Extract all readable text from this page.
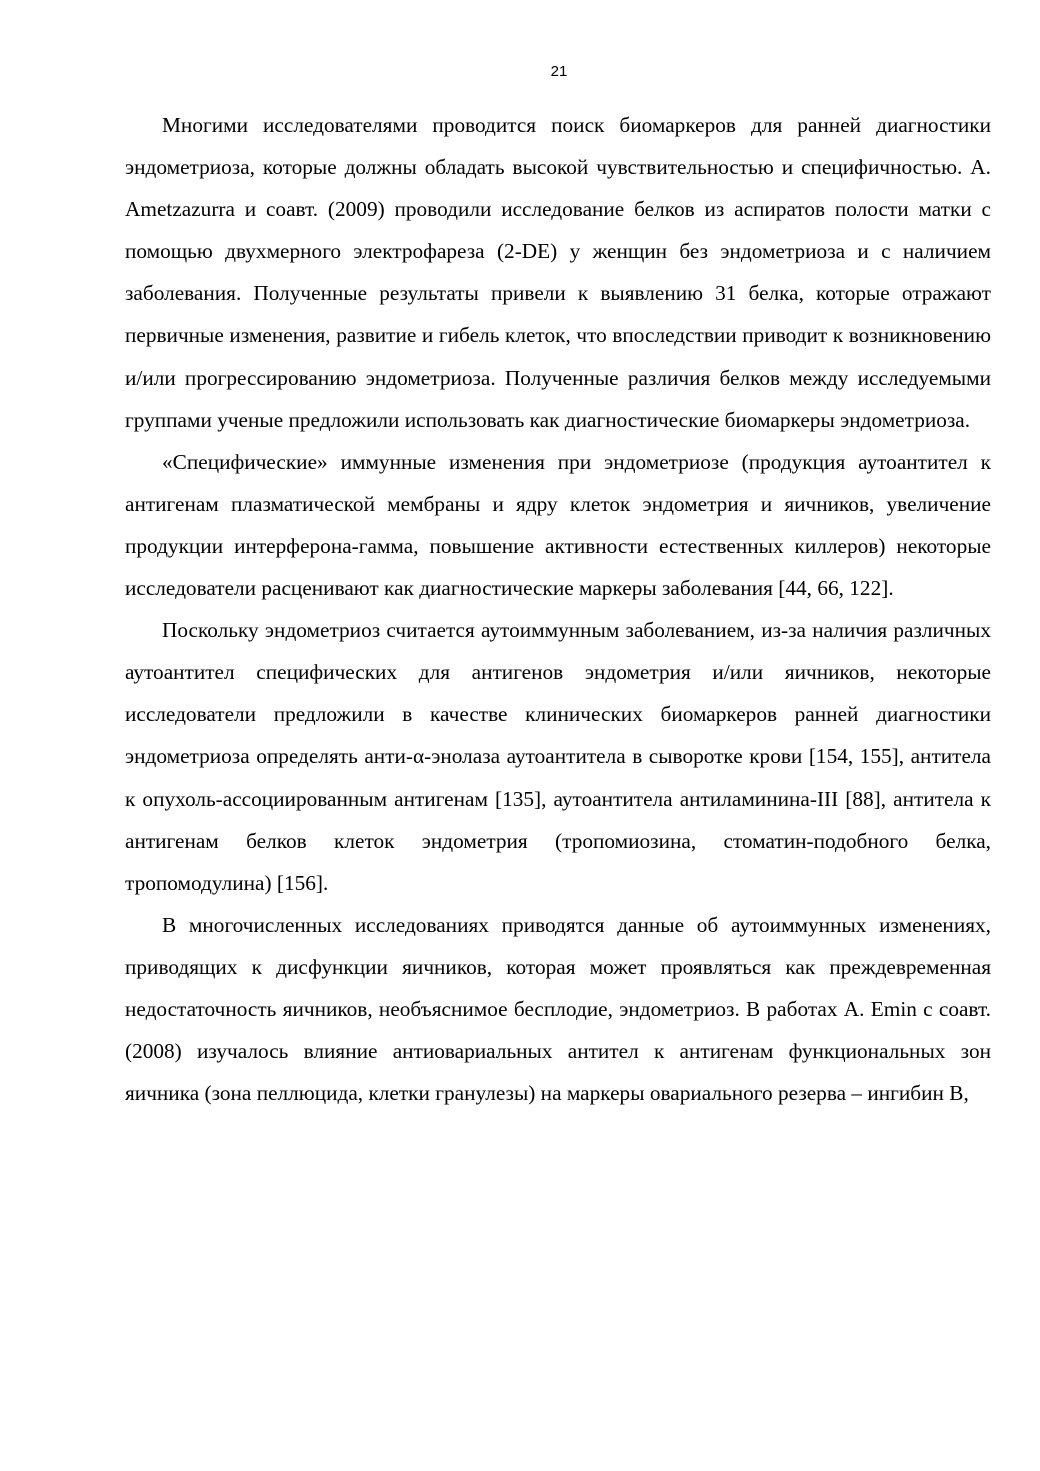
21

Многими исследователями проводится поиск биомаркеров для ранней диагностики эндометриоза, которые должны обладать высокой чувствительностью и специфичностью. A. Ametzazurra и соавт. (2009) проводили исследование белков из аспиратов полости матки с помощью двухмерного электрофареза (2-DE) у женщин без эндометриоза и с наличием заболевания. Полученные результаты привели к выявлению 31 белка, которые отражают первичные изменения, развитие и гибель клеток, что впоследствии приводит к возникновению и/или прогрессированию эндометриоза. Полученные различия белков между исследуемыми группами ученые предложили использовать как диагностические биомаркеры эндометриоза.

«Специфические» иммунные изменения при эндометриозе (продукция аутоантител к антигенам плазматической мембраны и ядру клеток эндометрия и яичников, увеличение продукции интерферона-гамма, повышение активности естественных киллеров) некоторые исследователи расценивают как диагностические маркеры заболевания [44, 66, 122].

Поскольку эндометриоз считается аутоиммунным заболеванием, из-за наличия различных аутоантител специфических для антигенов эндометрия и/или яичников, некоторые исследователи предложили в качестве клинических биомаркеров ранней диагностики эндометриоза определять анти-α-энолаза аутоантитела в сыворотке крови [154, 155], антитела к опухоль-ассоциированным антигенам [135], аутоантитела антиламинина-III [88], антитела к антигенам белков клеток эндометрия (тропомиозина, стоматин-подобного белка, тропомодулина) [156].

В многочисленных исследованиях приводятся данные об аутоиммунных изменениях, приводящих к дисфункции яичников, которая может проявляться как преждевременная недостаточность яичников, необъяснимое бесплодие, эндометриоз. В работах A. Emin с соавт. (2008) изучалось влияние антиовариальных антител к антигенам функциональных зон яичника (зона пеллюцида, клетки гранулезы) на маркеры овариального резерва – ингибин B,
